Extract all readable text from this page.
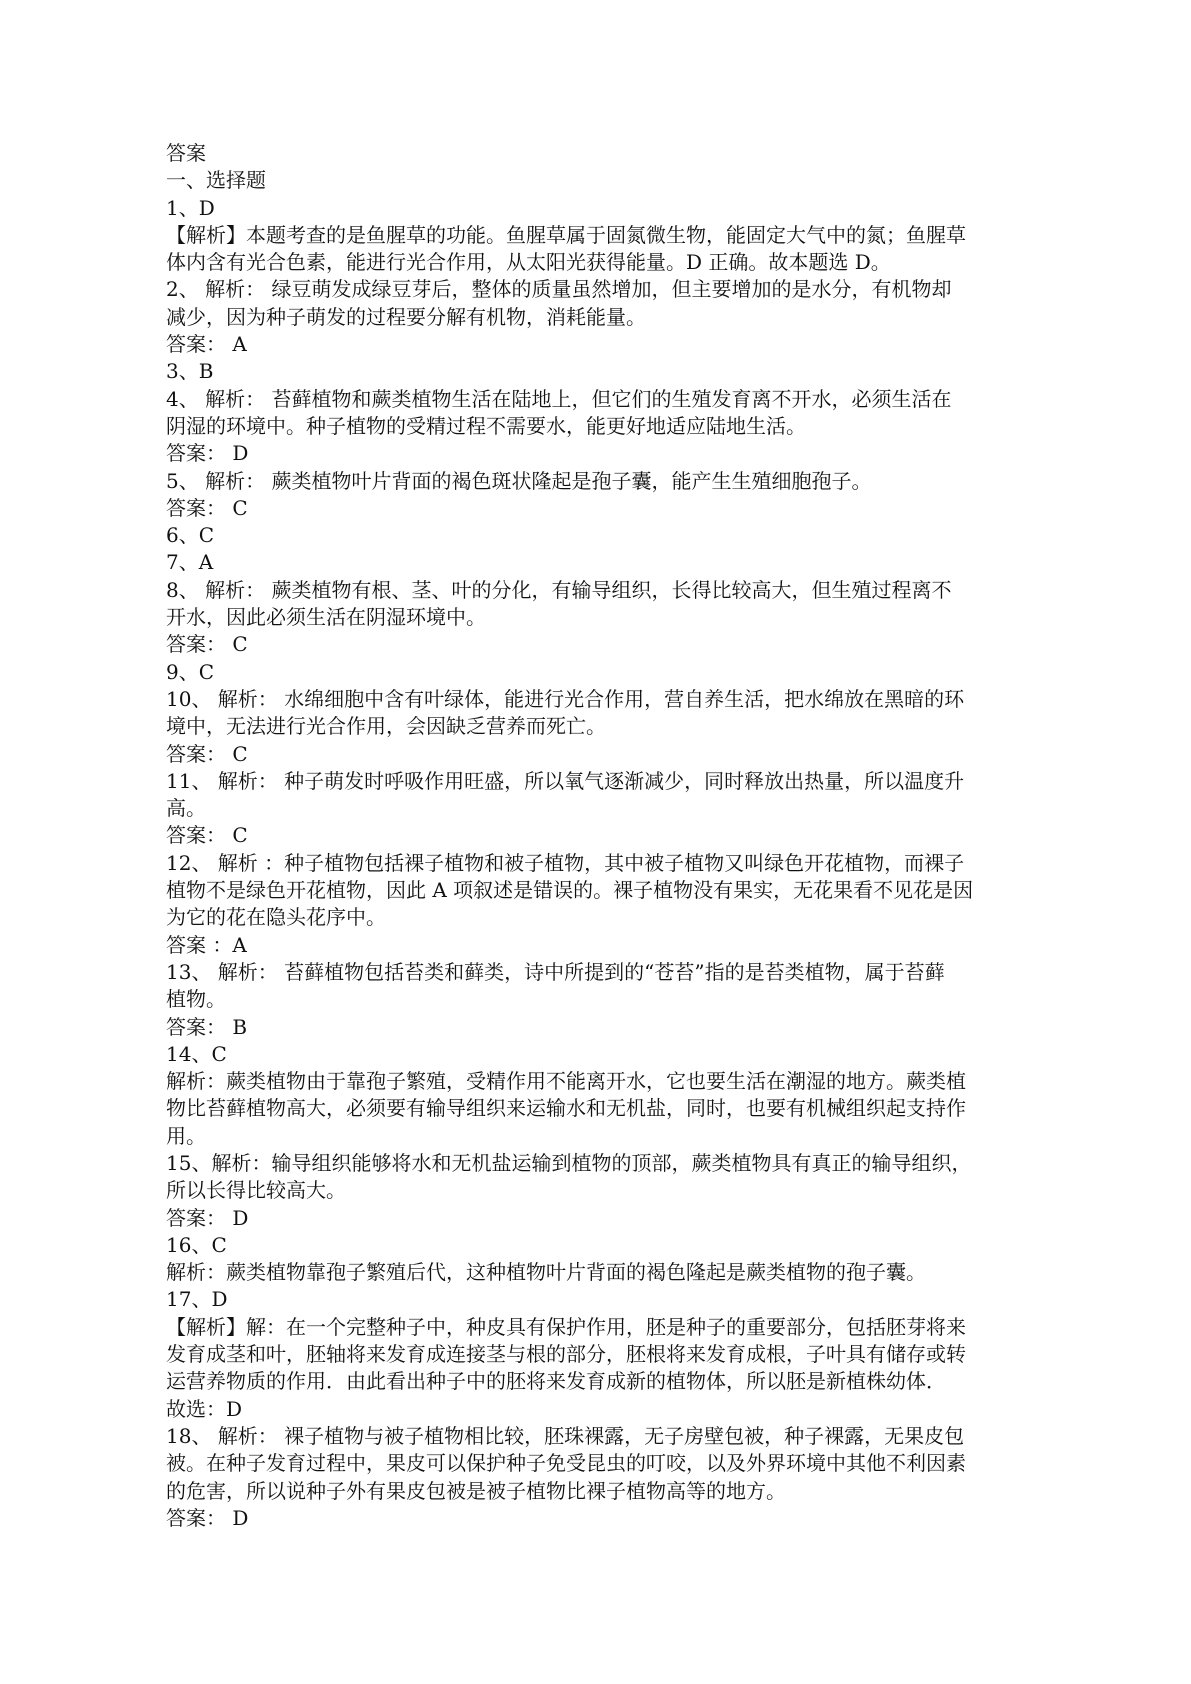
答案
一、选择题
1、D
【解析】本题考查的是鱼腥草的功能。鱼腥草属于固氮微生物，能固定大气中的氮；鱼腥草
体内含有光合色素，能进行光合作用，从太阳光获得能量。D 正确。故本题选 D。
2、 解析： 绿豆萌发成绿豆芽后，整体的质量虽然增加，但主要增加的是水分，有机物却
减少，因为种子萌发的过程要分解有机物，消耗能量。
答案： A
3、B
4、 解析： 苔藓植物和蕨类植物生活在陆地上，但它们的生殖发育离不开水，必须生活在
阴湿的环境中。种子植物的受精过程不需要水，能更好地适应陆地生活。
答案： D
5、 解析： 蕨类植物叶片背面的褐色斑状隆起是孢子囊，能产生生殖细胞孢子。
答案： C
6、C
7、A
8、 解析： 蕨类植物有根、茎、叶的分化，有输导组织，长得比较高大，但生殖过程离不
开水，因此必须生活在阴湿环境中。
答案： C
9、C
10、 解析： 水绵细胞中含有叶绿体，能进行光合作用，营自养生活，把水绵放在黑暗的环
境中，无法进行光合作用，会因缺乏营养而死亡。
答案： C
11、 解析： 种子萌发时呼吸作用旺盛，所以氧气逐渐减少，同时释放出热量，所以温度升
高。
答案： C
12、 解析 ：种子植物包括裸子植物和被子植物，其中被子植物又叫绿色开花植物，而裸子
植物不是绿色开花植物，因此 A 项叙述是错误的。裸子植物没有果实，无花果看不见花是因
为它的花在隐头花序中。
答案 ：A
13、 解析： 苔藓植物包括苔类和藓类，诗中所提到的“苍苔”指的是苔类植物，属于苔藓
植物。
答案： B
14、C
解析：蕨类植物由于靠孢子繁殖，受精作用不能离开水，它也要生活在潮湿的地方。蕨类植
物比苔藓植物高大，必须要有输导组织来运输水和无机盐，同时，也要有机械组织起支持作
用。
15、解析：输导组织能够将水和无机盐运输到植物的顶部，蕨类植物具有真正的输导组织，
所以长得比较高大。
答案： D
16、C
解析：蕨类植物靠孢子繁殖后代，这种植物叶片背面的褐色隆起是蕨类植物的孢子囊。
17、D
【解析】解：在一个完整种子中，种皮具有保护作用，胚是种子的重要部分，包括胚芽将来
发育成茎和叶，胚轴将来发育成连接茎与根的部分，胚根将来发育成根，子叶具有储存或转
运营养物质的作用．由此看出种子中的胚将来发育成新的植物体，所以胚是新植株幼体．
故选：D
18、 解析： 裸子植物与被子植物相比较，胚珠裸露，无子房壁包被，种子裸露，无果皮包
被。在种子发育过程中，果皮可以保护种子免受昆虫的叮咬，以及外界环境中其他不利因素
的危害，所以说种子外有果皮包被是被子植物比裸子植物高等的地方。
答案： D
